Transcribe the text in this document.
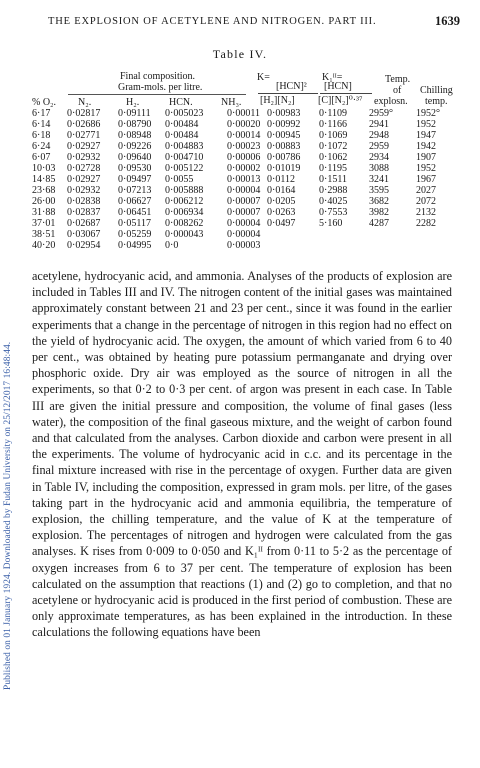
Published on 01 January 1924. Downloaded by Fudan University on 25/12/2017 16:48:44.
THE EXPLOSION OF ACETYLENE AND NITROGEN. PART III.	1639
Table IV.
Final composition.
Gram-mols. per litre.
K=
[HCN]²
[H₂][N₂]
K₁ᴵᴵ=
[HCN]
[C][N₂]⁰·³⁷
Temp.
of
explosn.
Chilling
temp.
% O₂. N₂.	H₂.	HCN.	NH₃.
6·17	0·02817	0·09111	0·005023	0·00011	0·00983	0·1109	2959°	1952°
6·14	0·02686	0·08790	0·00484	0·00020	0·00992	0·1166	2941	1952
6·18	0·02771	0·08948	0·00484	0·00014	0·00945	0·1069	2948	1947
6·24	0·02927	0·09226	0·004883	0·00023	0·00883	0·1072	2959	1942
6·07	0·02932	0·09640	0·004710	0·00006	0·00786	0·1062	2934	1907
10·03	0·02728	0·09530	0·005122	0·00002	0·01019	0·1195	3088	1952
14·85	0·02927	0·09497	0·0055	0·00013	0·0112	0·1511	3241	1967
23·68	0·02932	0·07213	0·005888	0·00004	0·0164	0·2988	3595	2027
26·00	0·02838	0·06627	0·006212	0·00007	0·0205	0·4025	3682	2072
31·88	0·02837	0·06451	0·006934	0·00007	0·0263	0·7553	3982	2132
37·01	0·02687	0·05117	0·008262	0·00004	0·0497	5·160	4287	2282
38·51	0·03067	0·05259	0·000043	0·00004				
40·20	0·02954	0·04995	0·0	0·00003				

acetylene, hydrocyanic acid, and ammonia. Analyses of the products of explosion are included in Tables III and IV. The nitrogen content of the initial gases was maintained approximately constant between 21 and 23 per cent., since it was found in the earlier experiments that a change in the percentage of nitrogen in this region had no effect on the yield of hydrocyanic acid. The oxygen, the amount of which varied from 6 to 40 per cent., was obtained by heating pure potassium permanganate and drying over phosphoric oxide. Dry air was employed as the source of nitrogen in all the experiments, so that 0·2 to 0·3 per cent. of argon was present in each case. In Table III are given the initial pressure and composition, the volume of final gases (less water), the composition of the final gaseous mixture, and the weight of carbon found and that calculated from the analyses. Carbon dioxide and carbon were present in all the experiments. The volume of hydrocyanic acid in c.c. and its percentage in the final mixture increased with rise in the percentage of oxygen. Further data are given in Table IV, including the composition, expressed in gram mols. per litre, of the gases taking part in the hydrocyanic acid and ammonia equilibria, the temperature of explosion, the chilling temperature, and the value of K at the temperature of explosion. The percentages of nitrogen and hydrogen were calculated from the gas analyses. K rises from 0·009 to 0·050 and K₁ᴵᴵ from 0·11 to 5·2 as the percentage of oxygen increases from 6 to 37 per cent. The temperature of explosion has been calculated on the assumption that reactions (1) and (2) go to completion, and that no acetylene or hydrocyanic acid is produced in the first period of combustion. These are only approximate temperatures, as has been explained in the introduction. In these calculations the following equations have been
